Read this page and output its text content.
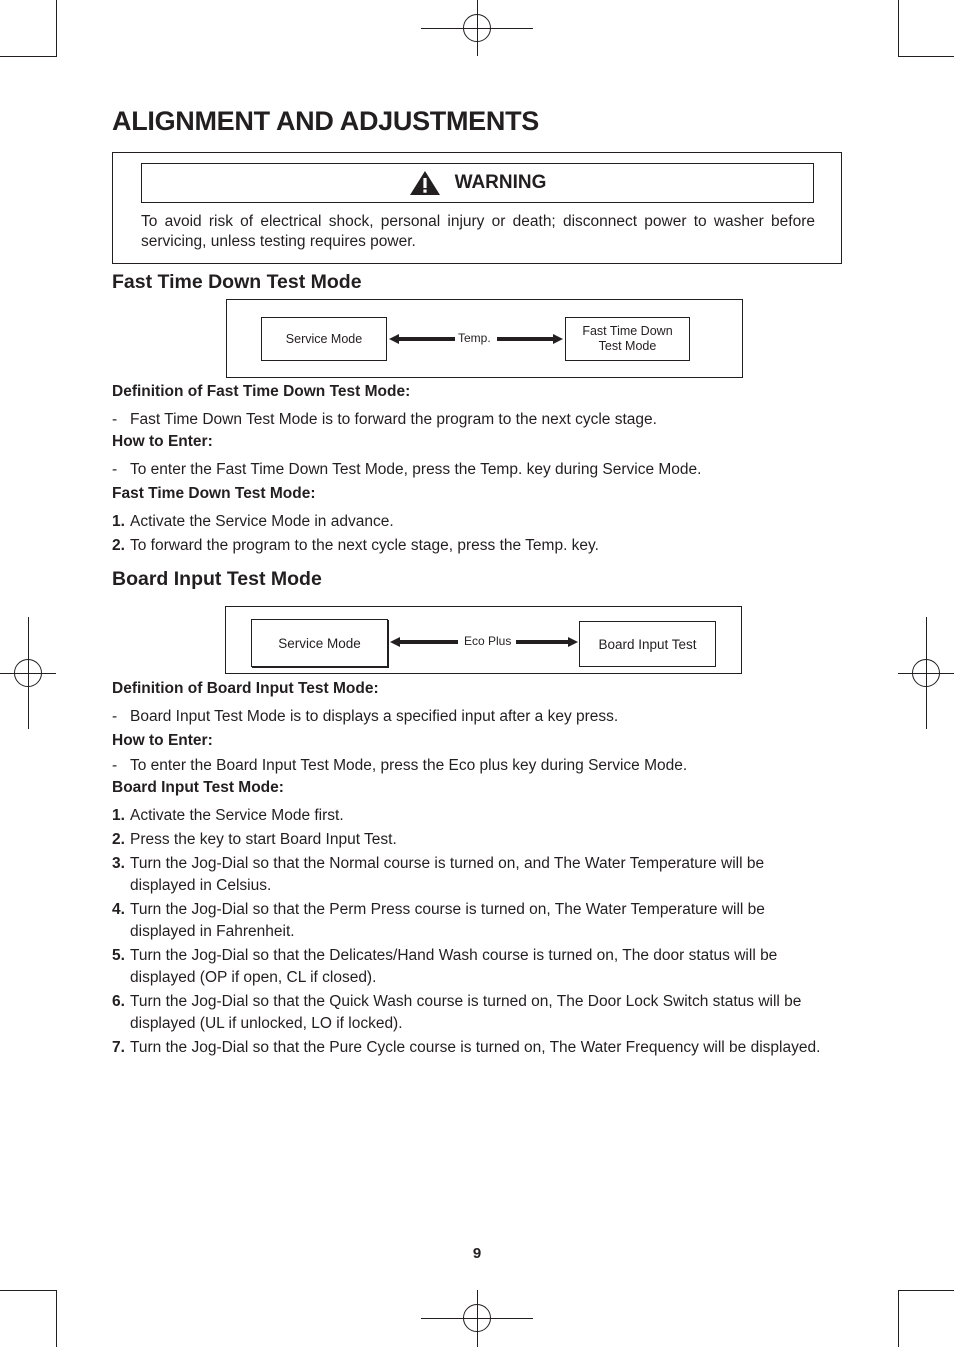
ALIGNMENT AND ADJUSTMENTS
WARNING

To avoid risk of electrical shock, personal injury or death; disconnect power to washer before servicing, unless testing requires power.

Fast Time Down Test Mode
Service Mode	Temp.	Fast Time Down
Test Mode

Definition of Fast Time Down Test Mode:

- Fast Time Down Test Mode is to forward the program to the next cycle stage.

How to Enter:

- To enter the Fast Time Down Test Mode, press the Temp. key during Service Mode.

Fast Time Down Test Mode:

1. Activate the Service Mode in advance.

2. To forward the program to the next cycle stage, press the Temp. key.

Board Input Test Mode
Service Mode	Eco Plus	Board Input Test

Definition of Board Input Test Mode:

- Board Input Test Mode is to displays a specified input after a key press.

How to Enter:

- To enter the Board Input Test Mode, press the Eco plus key during Service Mode.

Board Input Test Mode:

1. Activate the Service Mode first.

2. Press the key to start Board Input Test.

3. Turn the Jog-Dial so that the Normal course is turned on, and The Water Temperature will be displayed in Celsius.

4. Turn the Jog-Dial so that the Perm Press course is turned on, The Water Temperature will be displayed in Fahrenheit.

5. Turn the Jog-Dial so that the Delicates/Hand Wash course is turned on, The door status will be displayed (OP if open, CL if closed).

6. Turn the Jog-Dial so that the Quick Wash course is turned on, The Door Lock Switch status will be displayed (UL if unlocked, LO if locked).

7. Turn the Jog-Dial so that the Pure Cycle course is turned on, The Water Frequency will be displayed.

9
